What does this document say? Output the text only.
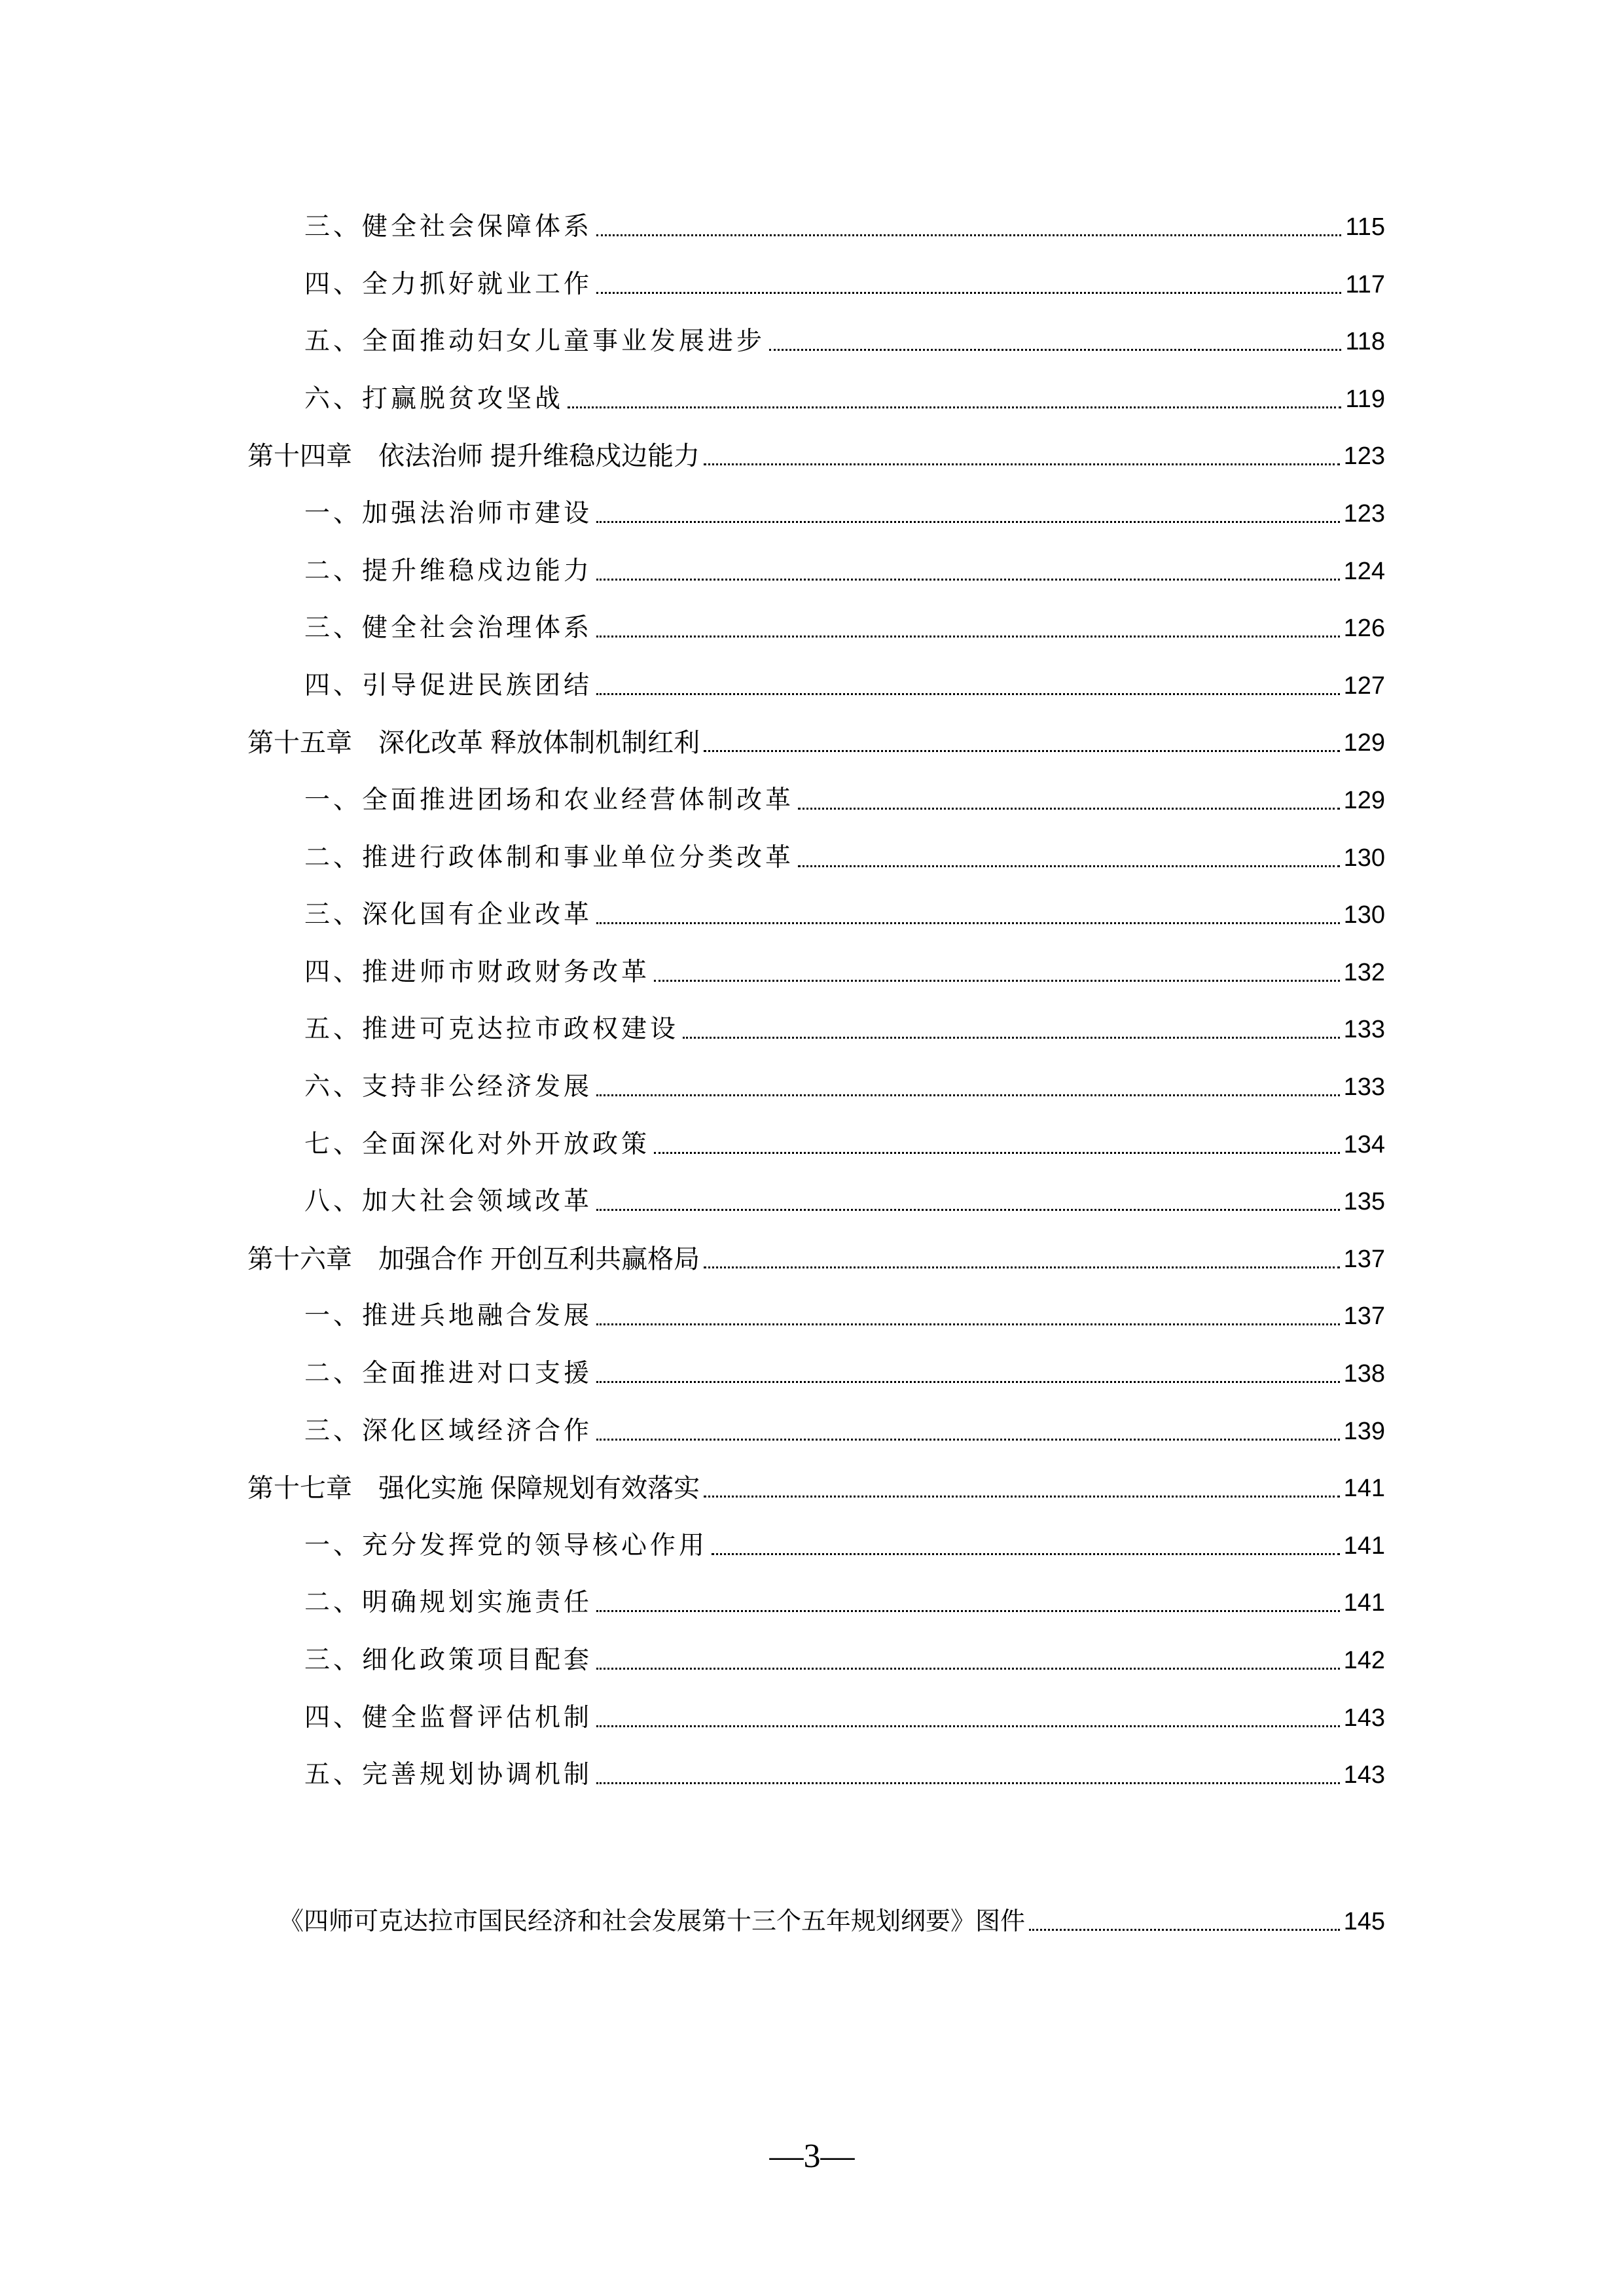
三、健全社会保障体系	115
四、全力抓好就业工作	117
五、全面推动妇女儿童事业发展进步	118
六、打赢脱贫攻坚战	119
第十四章　依法治师 提升维稳戍边能力	123
一、加强法治师市建设	123
二、提升维稳戍边能力	124
三、健全社会治理体系	126
四、引导促进民族团结	127
第十五章　深化改革 释放体制机制红利	129
一、全面推进团场和农业经营体制改革	129
二、推进行政体制和事业单位分类改革	130
三、深化国有企业改革	130
四、推进师市财政财务改革	132
五、推进可克达拉市政权建设	133
六、支持非公经济发展	133
七、全面深化对外开放政策	134
八、加大社会领域改革	135
第十六章　加强合作 开创互利共赢格局	137
一、推进兵地融合发展	137
二、全面推进对口支援	138
三、深化区域经济合作	139
第十七章　强化实施 保障规划有效落实	141
一、充分发挥党的领导核心作用	141
二、明确规划实施责任	141
三、细化政策项目配套	142
四、健全监督评估机制	143
五、完善规划协调机制	143
《四师可克达拉市国民经济和社会发展第十三个五年规划纲要》图件	145
—3—
